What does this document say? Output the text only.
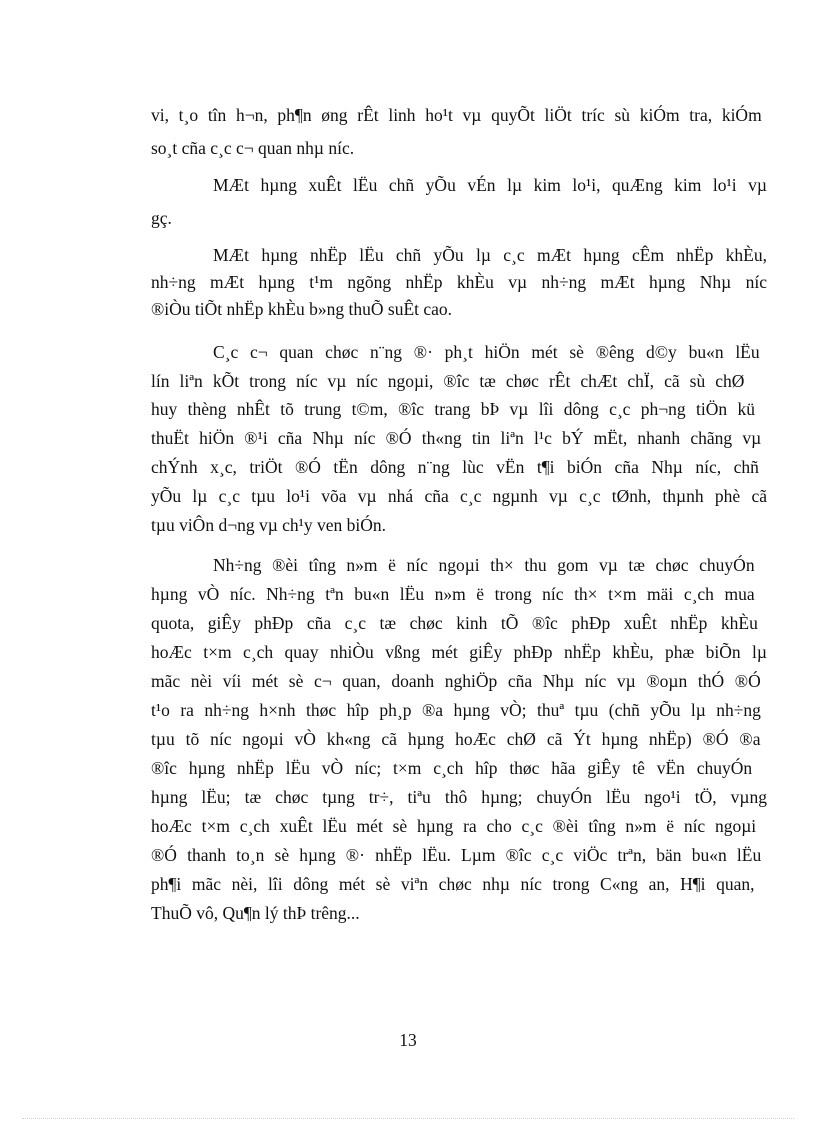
vi, t¸o tîn h¬n, ph¶n øng rÊt linh ho¹t vµ quyÕt liÖt tríc sù kiÓm tra, kiÓm
so¸t cña c¸c c¬ quan nhµ níc.
MÆt hµng xuÊt lËu chñ yÕu vÉn lµ kim lo¹i, quÆng kim lo¹i vµ
gç.
MÆt hµng nhËp lËu chñ yÕu lµ c¸c mÆt hµng cÊm nhËp khÈu,
nh÷ng mÆt hµng t¹m ngõng nhËp khÈu vµ nh÷ng mÆt hµng Nhµ níc
®iÒu tiÕt nhËp khÈu b»ng thuÕ suÊt cao.
C¸c c¬ quan chøc n¨ng ®· ph¸t hiÖn mét sè ®êng d©y bu«n lËu
lín liªn kÕt trong níc vµ níc ngoµi, ®îc tæ chøc rÊt chÆt chÏ, cã sù chØ
huy thèng nhÊt tõ trung t©m, ®îc trang bÞ vµ lîi dông c¸c ph¬ng tiÖn kü
thuËt hiÖn ®¹i cña Nhµ níc ®Ó th«ng tin liªn l¹c bÝ mËt, nhanh chãng vµ
chÝnh x¸c, triÖt ®Ó tËn dông n¨ng lùc vËn t¶i biÓn cña Nhµ níc, chñ
yÕu lµ c¸c tµu lo¹i võa vµ nhá cña c¸c ngµnh vµ c¸c tØnh, thµnh phè cã
tµu viÔn d¬ng vµ ch¹y ven biÓn.
Nh÷ng ®èi tîng n»m ë níc ngoµi th× thu gom vµ tæ chøc chuyÓn
hµng vÒ níc. Nh÷ng tªn bu«n lËu n»m ë trong níc th× t×m mäi c¸ch mua
quota, giÊy phÐp cña c¸c tæ chøc kinh tÕ ®îc phÐp xuÊt nhËp khÈu
hoÆc t×m c¸ch quay nhiÒu vßng mét giÊy phÐp nhËp khÈu, phæ biÕn lµ
mãc nèi víi mét sè c¬ quan, doanh nghiÖp cña Nhµ níc vµ ®oµn thÓ ®Ó
t¹o ra nh÷ng h×nh thøc hîp ph¸p ®a hµng vÒ; thuª tµu (chñ yÕu lµ nh÷ng
tµu tõ níc ngoµi vÒ kh«ng cã hµng hoÆc chØ cã Ýt hµng nhËp) ®Ó ®a
®îc hµng nhËp lËu vÒ níc; t×m c¸ch hîp thøc hãa giÊy tê vËn chuyÓn
hµng lËu; tæ chøc tµng tr÷, tiªu thô hµng; chuyÓn lËu ngo¹i tÖ, vµng
hoÆc t×m c¸ch xuÊt lËu mét sè hµng ra cho c¸c ®èi tîng n»m ë níc ngoµi
®Ó thanh to¸n sè hµng ®· nhËp lËu. Lµm ®îc c¸c viÖc trªn, bän bu«n lËu
ph¶i mãc nèi, lîi dông mét sè viªn chøc nhµ níc trong C«ng an, H¶i quan,
ThuÕ vô, Qu¶n lý thÞ trêng...
13
